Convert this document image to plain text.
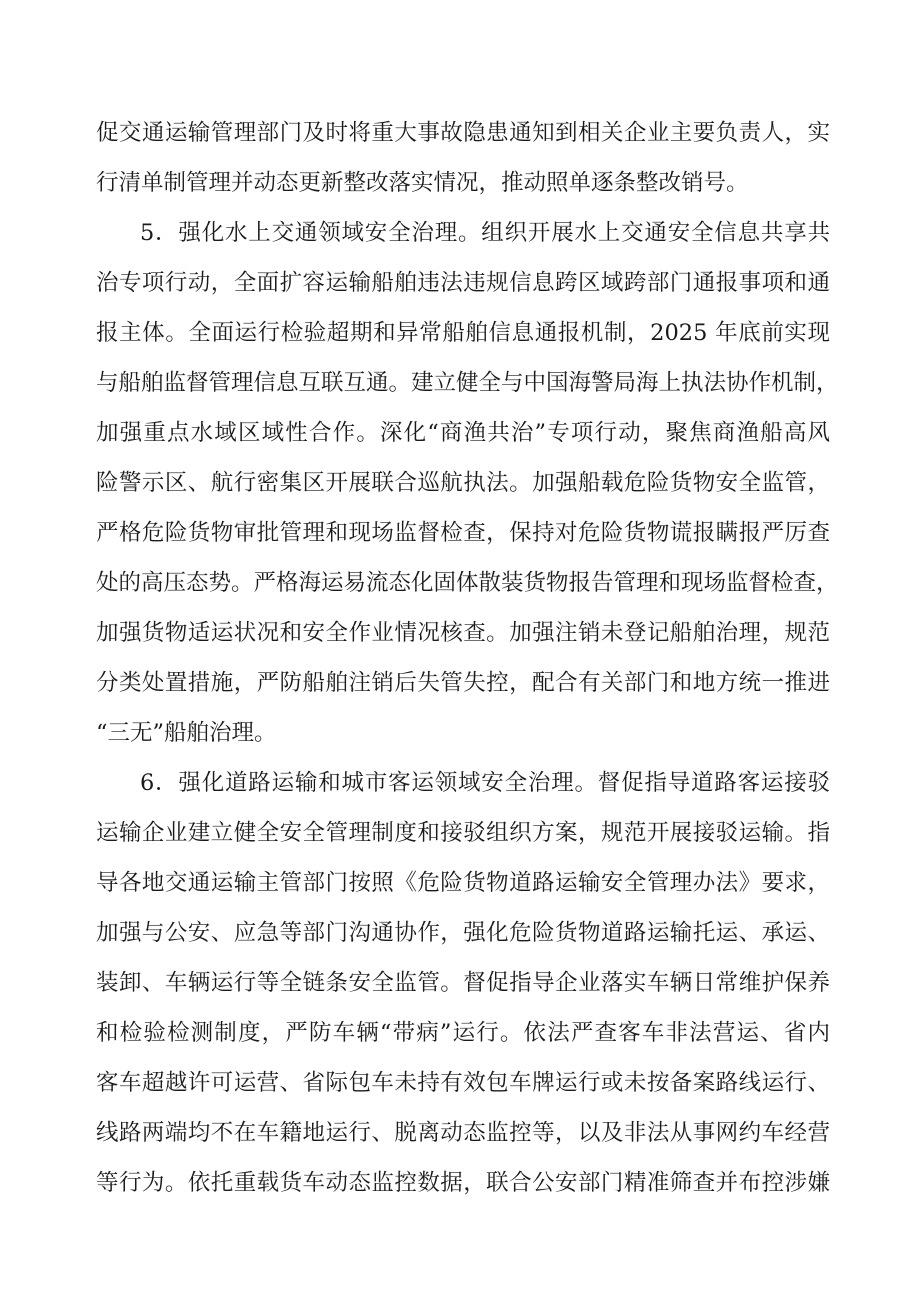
促交通运输管理部门及时将重大事故隐患通知到相关企业主要负责人，实
行清单制管理并动态更新整改落实情况，推动照单逐条整改销号。
5．强化水上交通领域安全治理。组织开展水上交通安全信息共享共
治专项行动，全面扩容运输船舶违法违规信息跨区域跨部门通报事项和通
报主体。全面运行检验超期和异常船舶信息通报机制，2025 年底前实现
与船舶监督管理信息互联互通。建立健全与中国海警局海上执法协作机制，
加强重点水域区域性合作。深化“商渔共治”专项行动，聚焦商渔船高风
险警示区、航行密集区开展联合巡航执法。加强船载危险货物安全监管，
严格危险货物审批管理和现场监督检查，保持对危险货物谎报瞒报严厉查
处的高压态势。严格海运易流态化固体散装货物报告管理和现场监督检查，
加强货物适运状况和安全作业情况核查。加强注销未登记船舶治理，规范
分类处置措施，严防船舶注销后失管失控，配合有关部门和地方统一推进
“三无”船舶治理。
6．强化道路运输和城市客运领域安全治理。督促指导道路客运接驳
运输企业建立健全安全管理制度和接驳组织方案，规范开展接驳运输。指
导各地交通运输主管部门按照《危险货物道路运输安全管理办法》要求，
加强与公安、应急等部门沟通协作，强化危险货物道路运输托运、承运、
装卸、车辆运行等全链条安全监管。督促指导企业落实车辆日常维护保养
和检验检测制度，严防车辆“带病”运行。依法严查客车非法营运、省内
客车超越许可运营、省际包车未持有效包车牌运行或未按备案路线运行、
线路两端均不在车籍地运行、脱离动态监控等，以及非法从事网约车经营
等行为。依托重载货车动态监控数据，联合公安部门精准筛查并布控涉嫌
